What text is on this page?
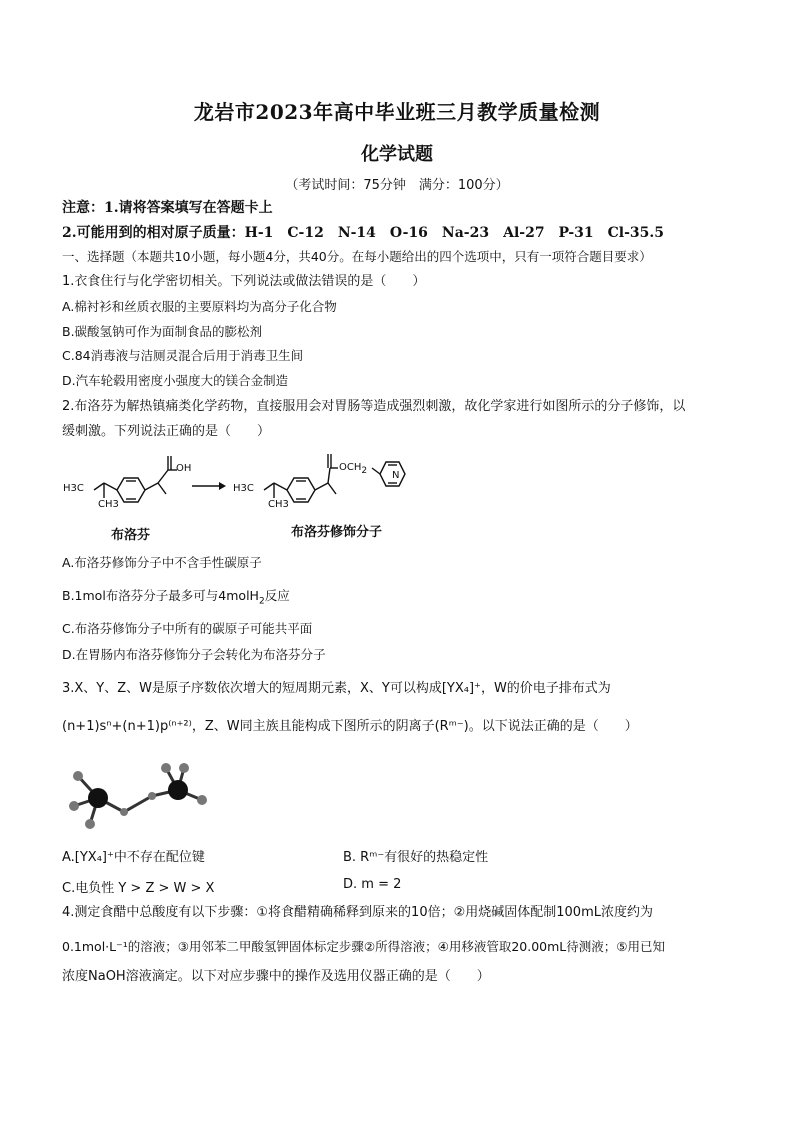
龙岩市2023年高中毕业班三月教学质量检测
化学试题
（考试时间：75分钟　满分：100分）
注意：1.请将答案填写在答题卡上
2.可能用到的相对原子质量：H-1　C-12　N-14　O-16　Na-23　Al-27　P-31　Cl-35.5
一、选择题（本题共10小题，每小题4分，共40分。在每小题给出的四个选项中，只有一项符合题目要求）
1.衣食住行与化学密切相关。下列说法或做法错误的是（　　）
A.棉衬衫和丝质衣服的主要原料均为高分子化合物
B.碳酸氢钠可作为面制食品的膨松剂
C.84消毒液与洁厕灵混合后用于消毒卫生间
D.汽车轮毂用密度小强度大的镁合金制造
2.布洛芬为解热镇痛类化学药物，直接服用会对胃肠等造成强烈刺激，故化学家进行如图所示的分子修饰，以
缓刺激。下列说法正确的是（　　）
H3C
CH3
OH
布洛芬
→ H3C
CH3
$OCH_2$ N
布洛芬修饰分子
A.布洛芬修饰分子中不含手性碳原子
B.1mol布洛芬分子最多可与4molH$_2$反应
C.布洛芬修饰分子中所有的碳原子可能共平面
D.在胃肠内布洛芬修饰分子会转化为布洛芬分子
3.X、Y、Z、W是原子序数依次增大的短周期元素，X、Y可以构成[YX₄]⁺，W的价电子排布式为
(n+1)sⁿ+(n+1)p⁽ⁿ⁺²⁾，Z、W同主族且能构成下图所示的阴离子(Rᵐ⁻)。以下说法正确的是（　　）
A.[YX₄]⁺中不存在配位键	B. Rᵐ⁻有很好的热稳定性
C.电负性 Y > Z > W > X	D. m = 2
4.测定食醋中总酸度有以下步骤：①将食醋精确稀释到原来的10倍；②用烧碱固体配制100mL浓度约为
0.1mol·L⁻¹的溶液；③用邻苯二甲酸氢钾固体标定步骤②所得溶液；④用移液管取20.00mL待测液；⑤用已知
浓度NaOH溶液滴定。以下对应步骤中的操作及选用仪器正确的是（　　）
